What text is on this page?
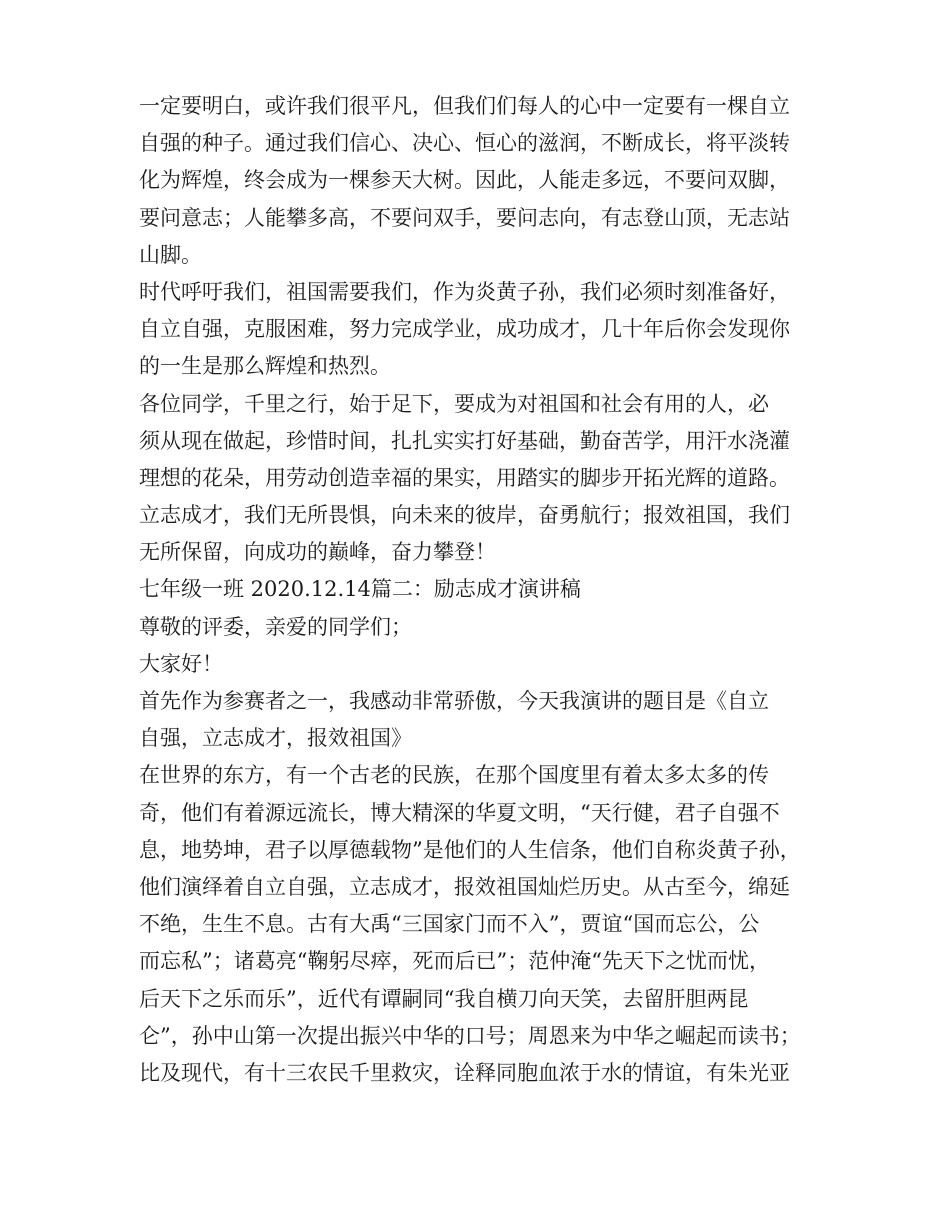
一定要明白，或许我们很平凡，但我们们每人的心中一定要有一棵自立
自强的种子。通过我们信心、决心、恒心的滋润，不断成长，将平淡转
化为辉煌，终会成为一棵参天大树。因此，人能走多远，不要问双脚，
要问意志；人能攀多高，不要问双手，要问志向，有志登山顶，无志站
山脚。
时代呼吁我们，祖国需要我们，作为炎黄子孙，我们必须时刻准备好，
自立自强，克服困难，努力完成学业，成功成才，几十年后你会发现你
的一生是那么辉煌和热烈。
各位同学，千里之行，始于足下，要成为对祖国和社会有用的人，必
须从现在做起，珍惜时间，扎扎实实打好基础，勤奋苦学，用汗水浇灌
理想的花朵，用劳动创造幸福的果实，用踏实的脚步开拓光辉的道路。
立志成才，我们无所畏惧，向未来的彼岸，奋勇航行；报效祖国，我们
无所保留，向成功的巅峰，奋力攀登！
七年级一班 2020.12.14篇二：励志成才演讲稿
尊敬的评委，亲爱的同学们；
大家好！
首先作为参赛者之一，我感动非常骄傲，今天我演讲的题目是《自立
自强，立志成才，报效祖国》
在世界的东方，有一个古老的民族，在那个国度里有着太多太多的传
奇，他们有着源远流长，博大精深的华夏文明，“天行健，君子自强不
息，地势坤，君子以厚德载物”是他们的人生信条，他们自称炎黄子孙，
他们演绎着自立自强，立志成才，报效祖国灿烂历史。从古至今，绵延
不绝，生生不息。古有大禹“三国家门而不入”，贾谊“国而忘公，公
而忘私”；诸葛亮“鞠躬尽瘁，死而后已”；范仲淹“先天下之忧而忧，
后天下之乐而乐”，近代有谭嗣同“我自横刀向天笑，去留肝胆两昆
仑”，孙中山第一次提出振兴中华的口号；周恩来为中华之崛起而读书；
比及现代，有十三农民千里救灾，诠释同胞血浓于水的情谊，有朱光亚
